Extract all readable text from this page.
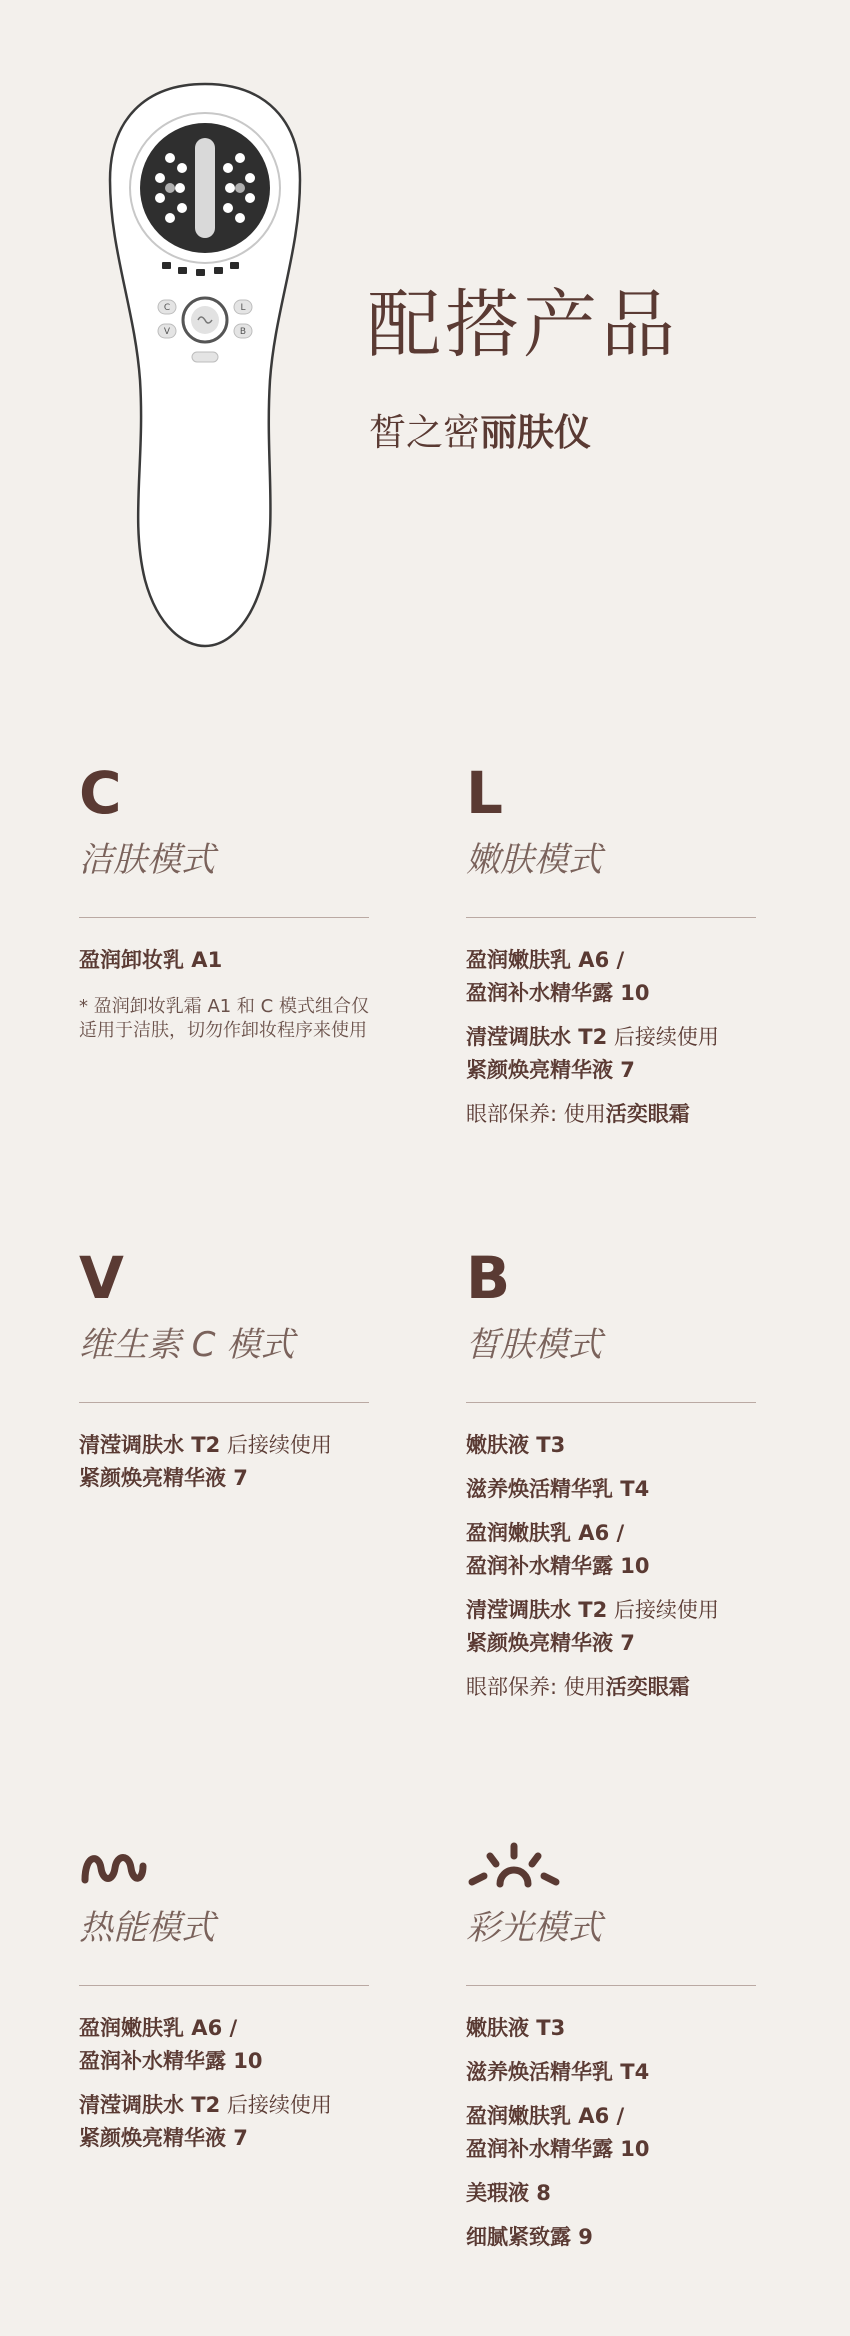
C
V
L
B 配搭产品
皙之密丽肤仪
C
洁肤模式
盈润卸妆乳 A1
* 盈润卸妆乳霜 A1 和 C 模式组合仅适用于洁肤，切勿作卸妆程序来使用
L
嫩肤模式
盈润嫩肤乳 A6 /
盈润补水精华露 10
清滢调肤水 T2 后接续使用
紧颜焕亮精华液 7
眼部保养: 使用活奕眼霜
V
维生素 C 模式
清滢调肤水 T2 后接续使用
紧颜焕亮精华液 7
B
皙肤模式
嫩肤液 T3
滋养焕活精华乳 T4
盈润嫩肤乳 A6 /
盈润补水精华露 10
清滢调肤水 T2 后接续使用
紧颜焕亮精华液 7
眼部保养: 使用活奕眼霜
热能模式
盈润嫩肤乳 A6 /
盈润补水精华露 10
清滢调肤水 T2 后接续使用
紧颜焕亮精华液 7
彩光模式
嫩肤液 T3
滋养焕活精华乳 T4
盈润嫩肤乳 A6 /
盈润补水精华露 10
美瑕液 8
细腻紧致露 9
